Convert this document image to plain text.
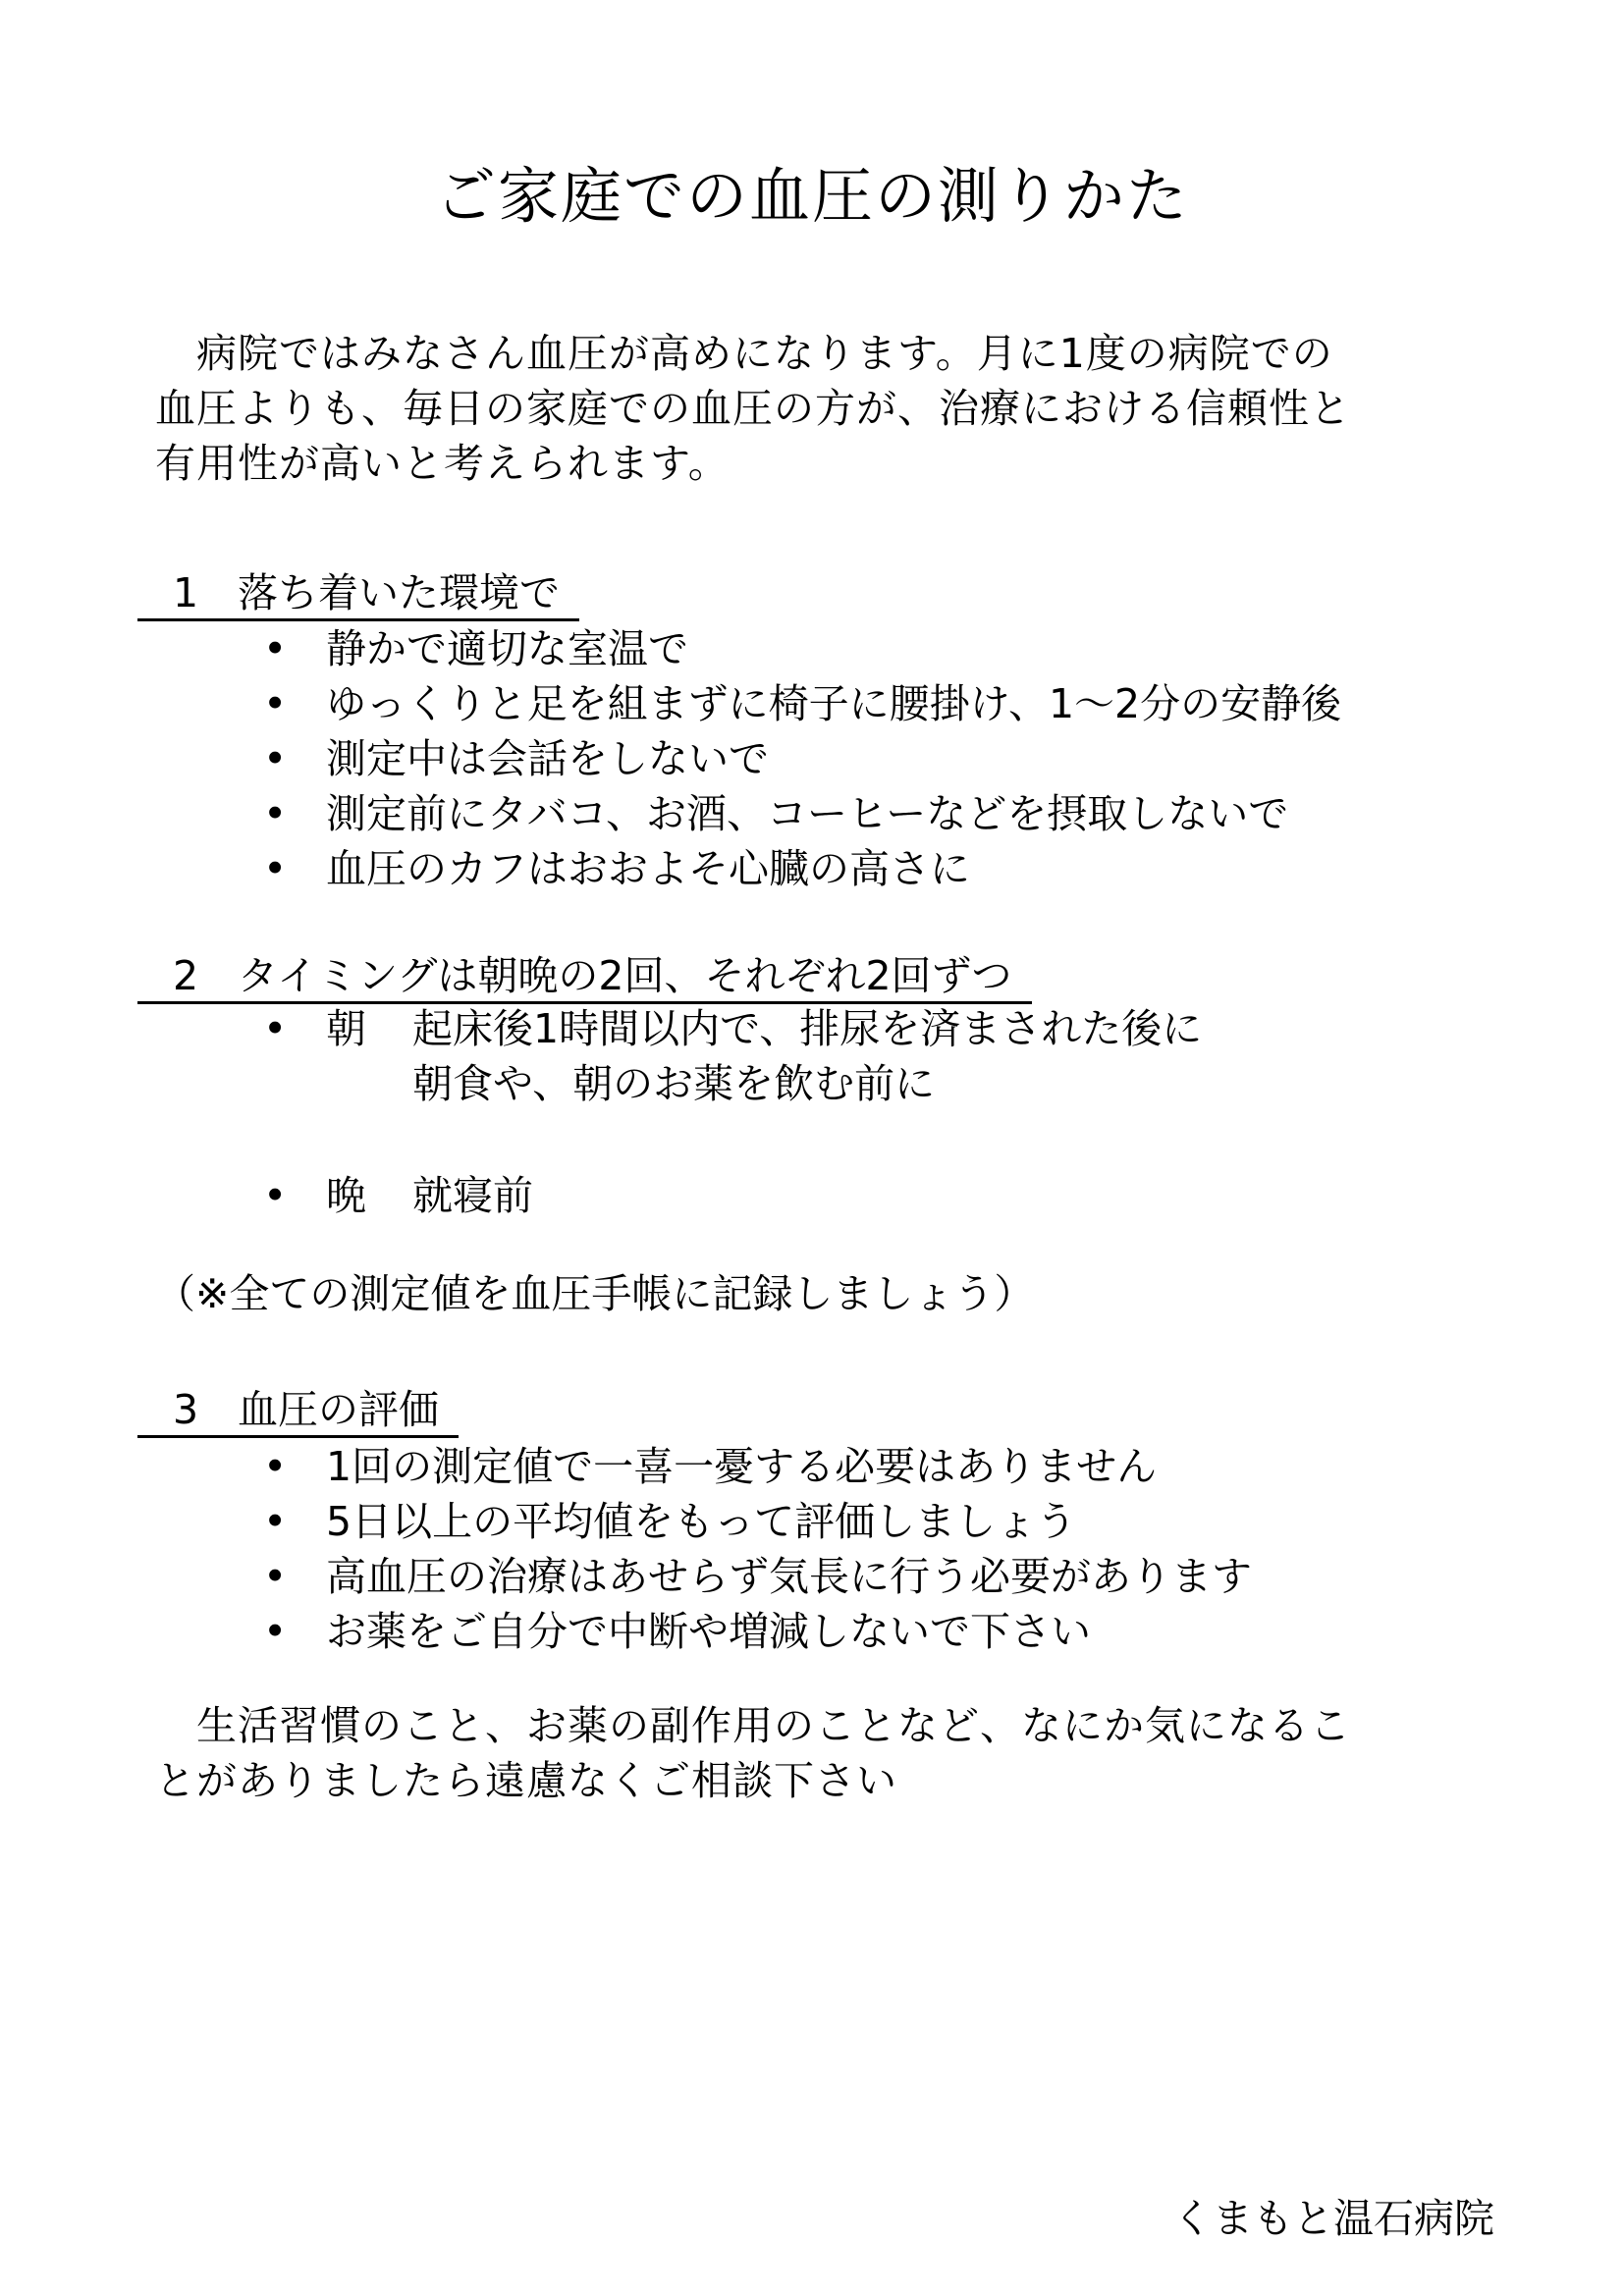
ご家庭での血圧の測りかた

　病院ではみなさん血圧が高めになります。月に1度の病院での

血圧よりも、毎日の家庭での血圧の方が、治療における信頼性と

有用性が高いと考えられます。

1 落ち着いた環境で
• 静かで適切な室温で
• ゆっくりと足を組まずに椅子に腰掛け、1～2分の安静後
• 測定中は会話をしないで
• 測定前にタバコ、お酒、コーヒーなどを摂取しないで
• 血圧のカフはおおよそ心臓の高さに
2 タイミングは朝晩の2回、それぞれ2回ずつ
• 朝 起床後1時間以内で、排尿を済まされた後に
朝食や、朝のお薬を飲む前に
• 晩 就寝前
（※全ての測定値を血圧手帳に記録しましょう）
3 血圧の評価
• 1回の測定値で一喜一憂する必要はありません
• 5日以上の平均値をもって評価しましょう
• 高血圧の治療はあせらず気長に行う必要があります
• お薬をご自分で中断や増減しないで下さい

　生活習慣のこと、お薬の副作用のことなど、なにか気になるこ

とがありましたら遠慮なくご相談下さい

くまもと温石病院
